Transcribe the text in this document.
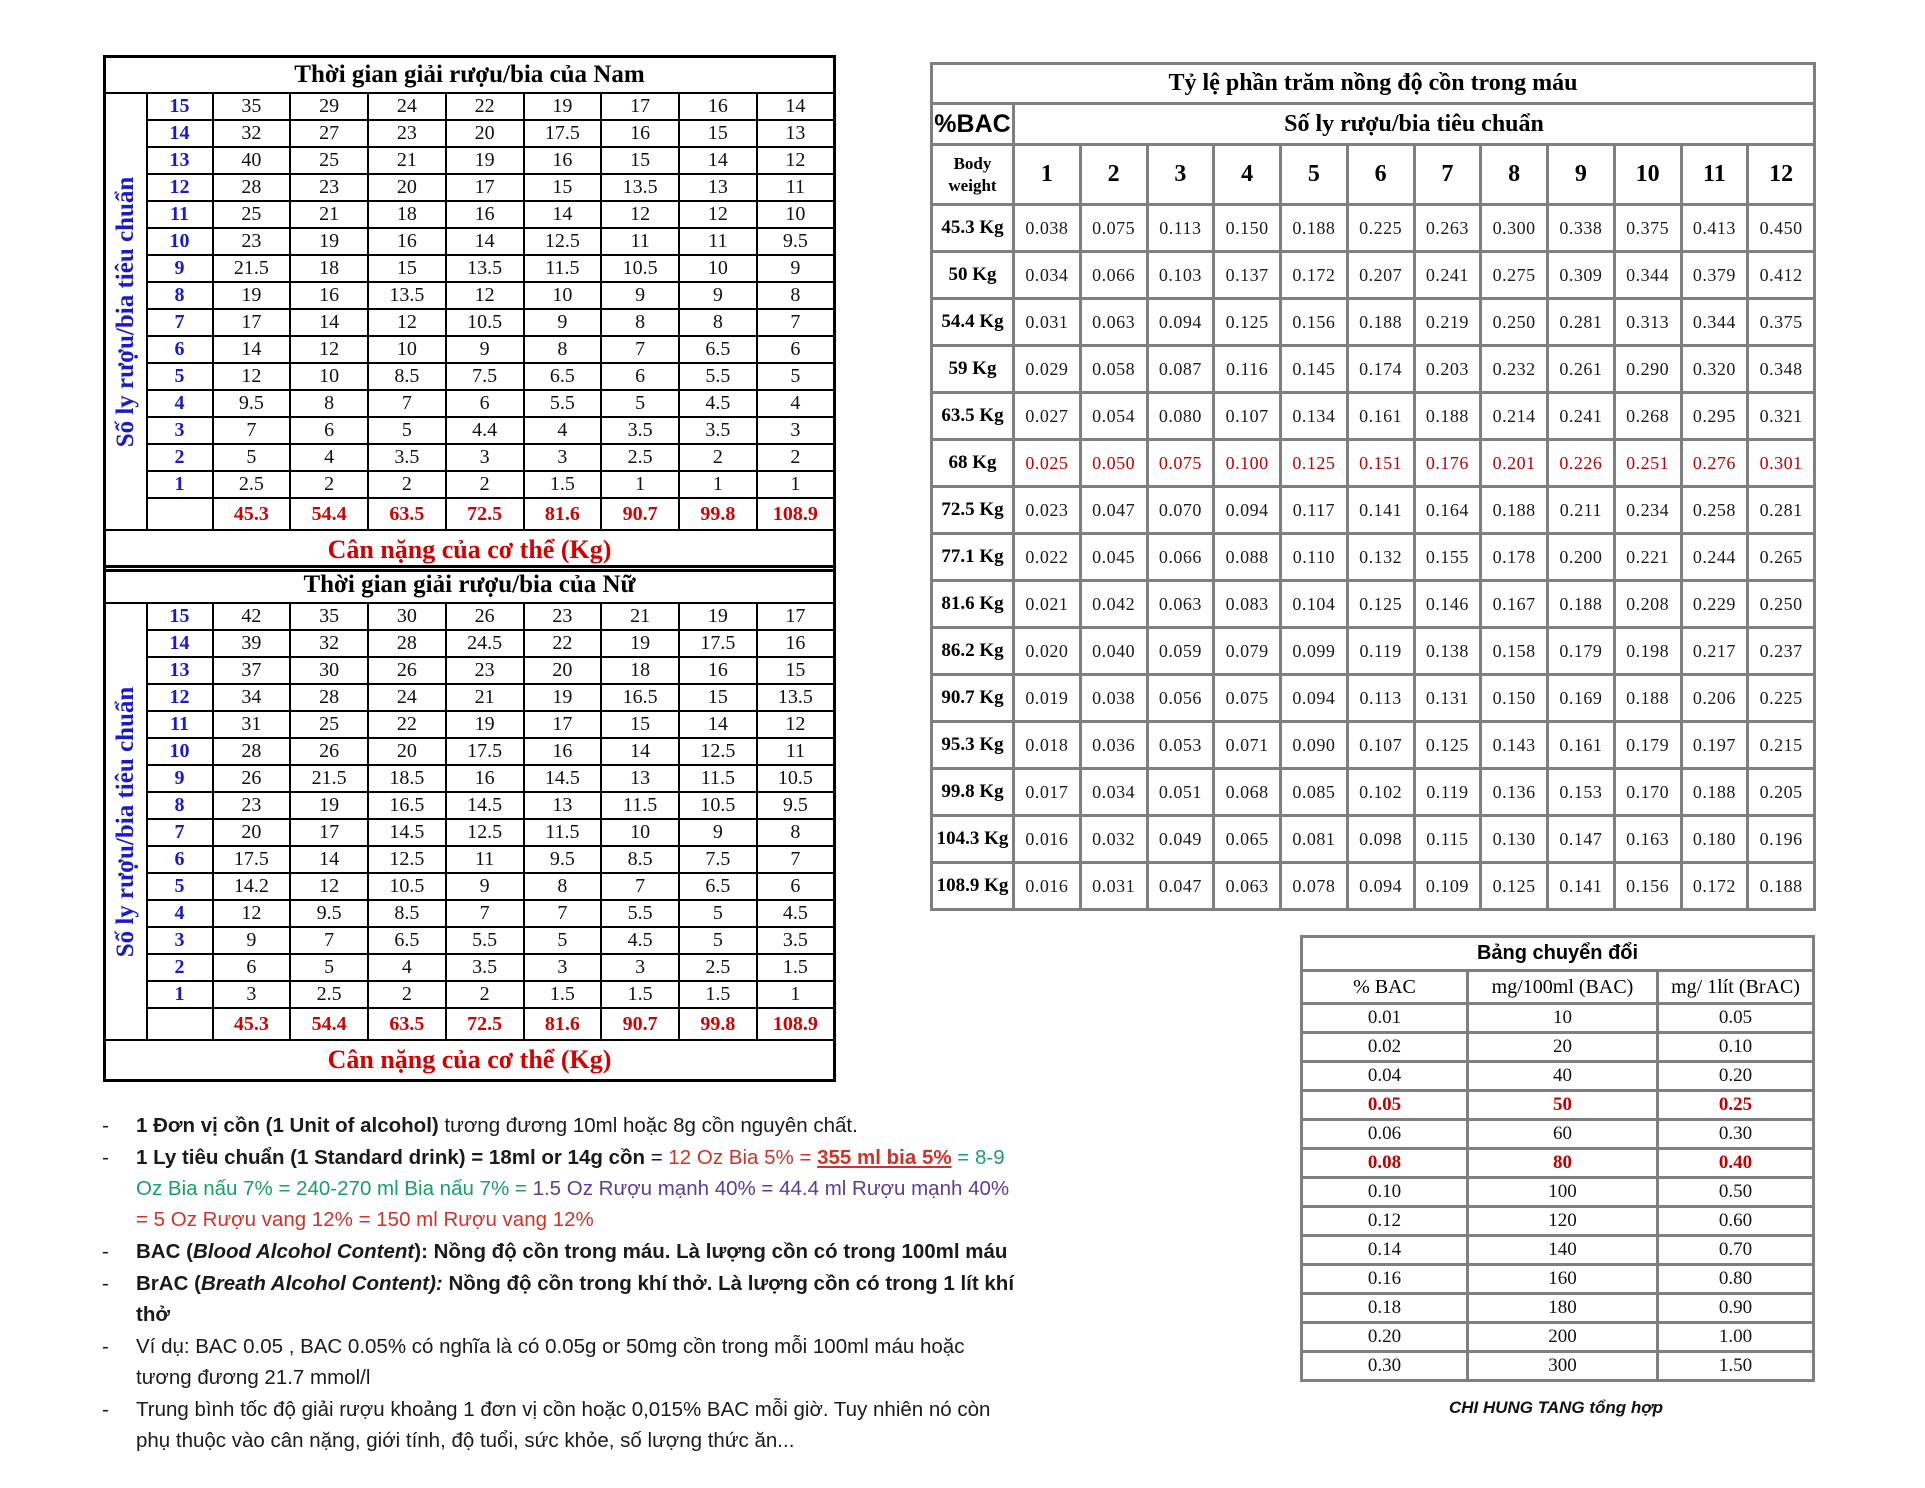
Thời gian giải rượu/bia của Nam									

Số ly rượu/bia tiêu chuẩn	15	35	29	24	22	19	17	16	14
	14	32	27	23	20	17.5	16	15	13
	13	40	25	21	19	16	15	14	12
	12	28	23	20	17	15	13.5	13	11
	11	25	21	18	16	14	12	12	10
	10	23	19	16	14	12.5	11	11	9.5
	9	21.5	18	15	13.5	11.5	10.5	10	9
	8	19	16	13.5	12	10	9	9	8
	7	17	14	12	10.5	9	8	8	7
	6	14	12	10	9	8	7	6.5	6
	5	12	10	8.5	7.5	6.5	6	5.5	5
	4	9.5	8	7	6	5.5	5	4.5	4
	3	7	6	5	4.4	4	3.5	3.5	3
	2	5	4	3.5	3	3	2.5	2	2
	1	2.5	2	2	2	1.5	1	1	1
		45.3	54.4	63.5	72.5	81.6	90.7	99.8	108.9
Cân nặng của cơ thể (Kg)									
Thời gian giải rượu/bia của Nữ									

Số ly rượu/bia tiêu chuẩn	15	42	35	30	26	23	21	19	17
	14	39	32	28	24.5	22	19	17.5	16
	13	37	30	26	23	20	18	16	15
	12	34	28	24	21	19	16.5	15	13.5
	11	31	25	22	19	17	15	14	12
	10	28	26	20	17.5	16	14	12.5	11
	9	26	21.5	18.5	16	14.5	13	11.5	10.5
	8	23	19	16.5	14.5	13	11.5	10.5	9.5
	7	20	17	14.5	12.5	11.5	10	9	8
	6	17.5	14	12.5	11	9.5	8.5	7.5	7
	5	14.2	12	10.5	9	8	7	6.5	6
	4	12	9.5	8.5	7	7	5.5	5	4.5
	3	9	7	6.5	5.5	5	4.5	5	3.5
	2	6	5	4	3.5	3	3	2.5	1.5
	1	3	2.5	2	2	1.5	1.5	1.5	1
		45.3	54.4	63.5	72.5	81.6	90.7	99.8	108.9
Cân nặng của cơ thể (Kg)									
Tỷ lệ phần trăm nồng độ cồn trong máu												
%BAC	Số ly rượu/bia tiêu chuẩn											
Body weight	1	2	3	4	5	6	7	8	9	10	11	12
45.3 Kg	0.038	0.075	0.113	0.150	0.188	0.225	0.263	0.300	0.338	0.375	0.413	0.450
50 Kg	0.034	0.066	0.103	0.137	0.172	0.207	0.241	0.275	0.309	0.344	0.379	0.412
54.4 Kg	0.031	0.063	0.094	0.125	0.156	0.188	0.219	0.250	0.281	0.313	0.344	0.375
59 Kg	0.029	0.058	0.087	0.116	0.145	0.174	0.203	0.232	0.261	0.290	0.320	0.348
63.5 Kg	0.027	0.054	0.080	0.107	0.134	0.161	0.188	0.214	0.241	0.268	0.295	0.321
68 Kg	0.025	0.050	0.075	0.100	0.125	0.151	0.176	0.201	0.226	0.251	0.276	0.301
72.5 Kg	0.023	0.047	0.070	0.094	0.117	0.141	0.164	0.188	0.211	0.234	0.258	0.281
77.1 Kg	0.022	0.045	0.066	0.088	0.110	0.132	0.155	0.178	0.200	0.221	0.244	0.265
81.6 Kg	0.021	0.042	0.063	0.083	0.104	0.125	0.146	0.167	0.188	0.208	0.229	0.250
86.2 Kg	0.020	0.040	0.059	0.079	0.099	0.119	0.138	0.158	0.179	0.198	0.217	0.237
90.7 Kg	0.019	0.038	0.056	0.075	0.094	0.113	0.131	0.150	0.169	0.188	0.206	0.225
95.3 Kg	0.018	0.036	0.053	0.071	0.090	0.107	0.125	0.143	0.161	0.179	0.197	0.215
99.8 Kg	0.017	0.034	0.051	0.068	0.085	0.102	0.119	0.136	0.153	0.170	0.188	0.205
104.3 Kg	0.016	0.032	0.049	0.065	0.081	0.098	0.115	0.130	0.147	0.163	0.180	0.196
108.9 Kg	0.016	0.031	0.047	0.063	0.078	0.094	0.109	0.125	0.141	0.156	0.172	0.188
Bảng chuyển đổi		
% BAC	mg/100ml (BAC)	mg/ 1lít (BrAC)
0.01	10	0.05
0.02	20	0.10
0.04	40	0.20
0.05	50	0.25
0.06	60	0.30
0.08	80	0.40
0.10	100	0.50
0.12	120	0.60
0.14	140	0.70
0.16	160	0.80
0.18	180	0.90
0.20	200	1.00
0.30	300	1.50
CHI HUNG TANG tổng hợp
- 1 Đơn vị cồn (1 Unit of alcohol) tương đương 10ml hoặc 8g cồn nguyên chất.
- 1 Ly tiêu chuẩn (1 Standard drink) = 18ml or 14g cồn = 12 Oz Bia 5% = 355 ml bia 5% = 8-9
Oz Bia nấu 7% = 240-270 ml Bia nấu 7% = 1.5 Oz Rượu mạnh 40% = 44.4 ml Rượu mạnh 40%
= 5 Oz Rượu vang 12% = 150 ml Rượu vang 12%
- BAC (Blood Alcohol Content): Nồng độ cồn trong máu. Là lượng cồn có trong 100ml máu
- BrAC (Breath Alcohol Content): Nồng độ cồn trong khí thở. Là lượng cồn có trong 1 lít khí
thở
- Ví dụ: BAC 0.05 , BAC 0.05% có nghĩa là có 0.05g or 50mg cồn trong mỗi 100ml máu hoặc
tương đương 21.7 mmol/l
- Trung bình tốc độ giải rượu khoảng 1 đơn vị cồn hoặc 0,015% BAC mỗi giờ. Tuy nhiên nó còn
phụ thuộc vào cân nặng, giới tính, độ tuổi, sức khỏe, số lượng thức ăn...
